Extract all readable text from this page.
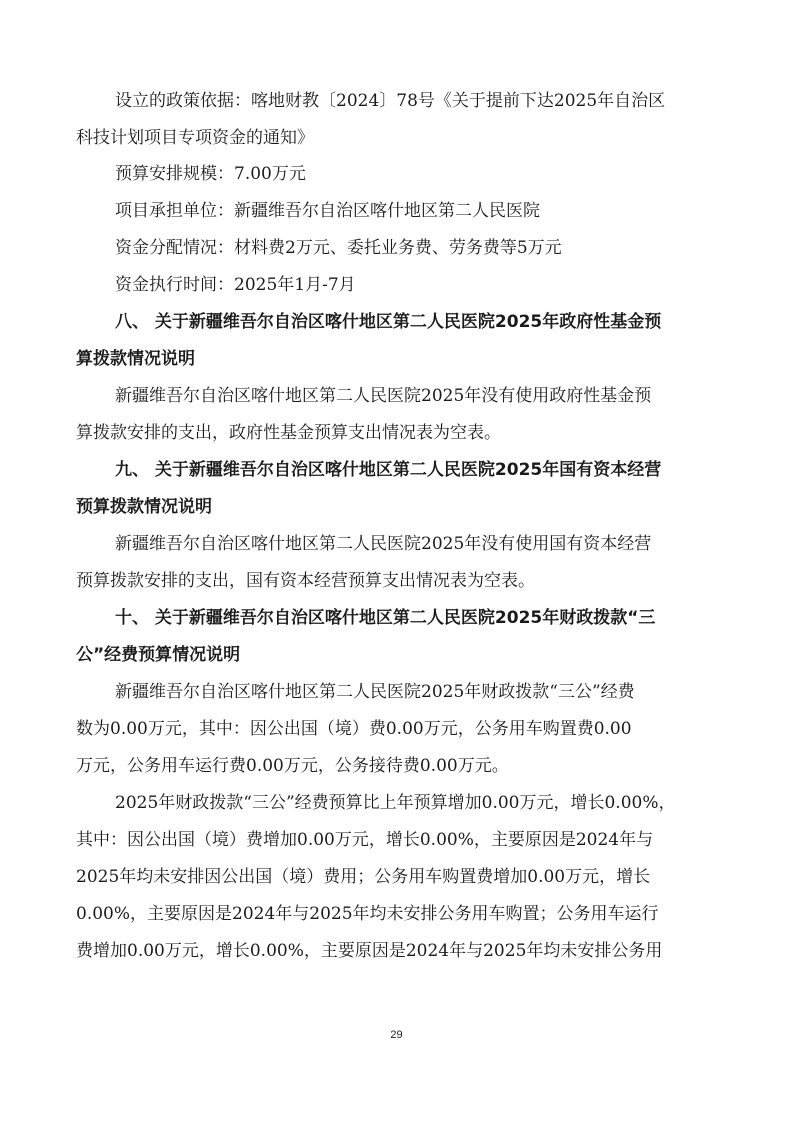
设立的政策依据：喀地财教〔2024〕78号《关于提前下达2025年自治区
科技计划项目专项资金的通知》
预算安排规模：7.00万元
项目承担单位：新疆维吾尔自治区喀什地区第二人民医院
资金分配情况：材料费2万元、委托业务费、劳务费等5万元
资金执行时间：2025年1月-7月
八、 关于新疆维吾尔自治区喀什地区第二人民医院2025年政府性基金预
算拨款情况说明
新疆维吾尔自治区喀什地区第二人民医院2025年没有使用政府性基金预
算拨款安排的支出，政府性基金预算支出情况表为空表。
九、 关于新疆维吾尔自治区喀什地区第二人民医院2025年国有资本经营
预算拨款情况说明
新疆维吾尔自治区喀什地区第二人民医院2025年没有使用国有资本经营
预算拨款安排的支出，国有资本经营预算支出情况表为空表。
十、 关于新疆维吾尔自治区喀什地区第二人民医院2025年财政拨款“三
公”经费预算情况说明
新疆维吾尔自治区喀什地区第二人民医院2025年财政拨款“三公”经费
数为0.00万元，其中：因公出国（境）费0.00万元，公务用车购置费0.00
万元，公务用车运行费0.00万元，公务接待费0.00万元。
2025年财政拨款“三公”经费预算比上年预算增加0.00万元，增长0.00%，
其中：因公出国（境）费增加0.00万元，增长0.00%，主要原因是2024年与
2025年均未安排因公出国（境）费用；公务用车购置费增加0.00万元，增长
0.00%，主要原因是2024年与2025年均未安排公务用车购置；公务用车运行
费增加0.00万元，增长0.00%，主要原因是2024年与2025年均未安排公务用
29
